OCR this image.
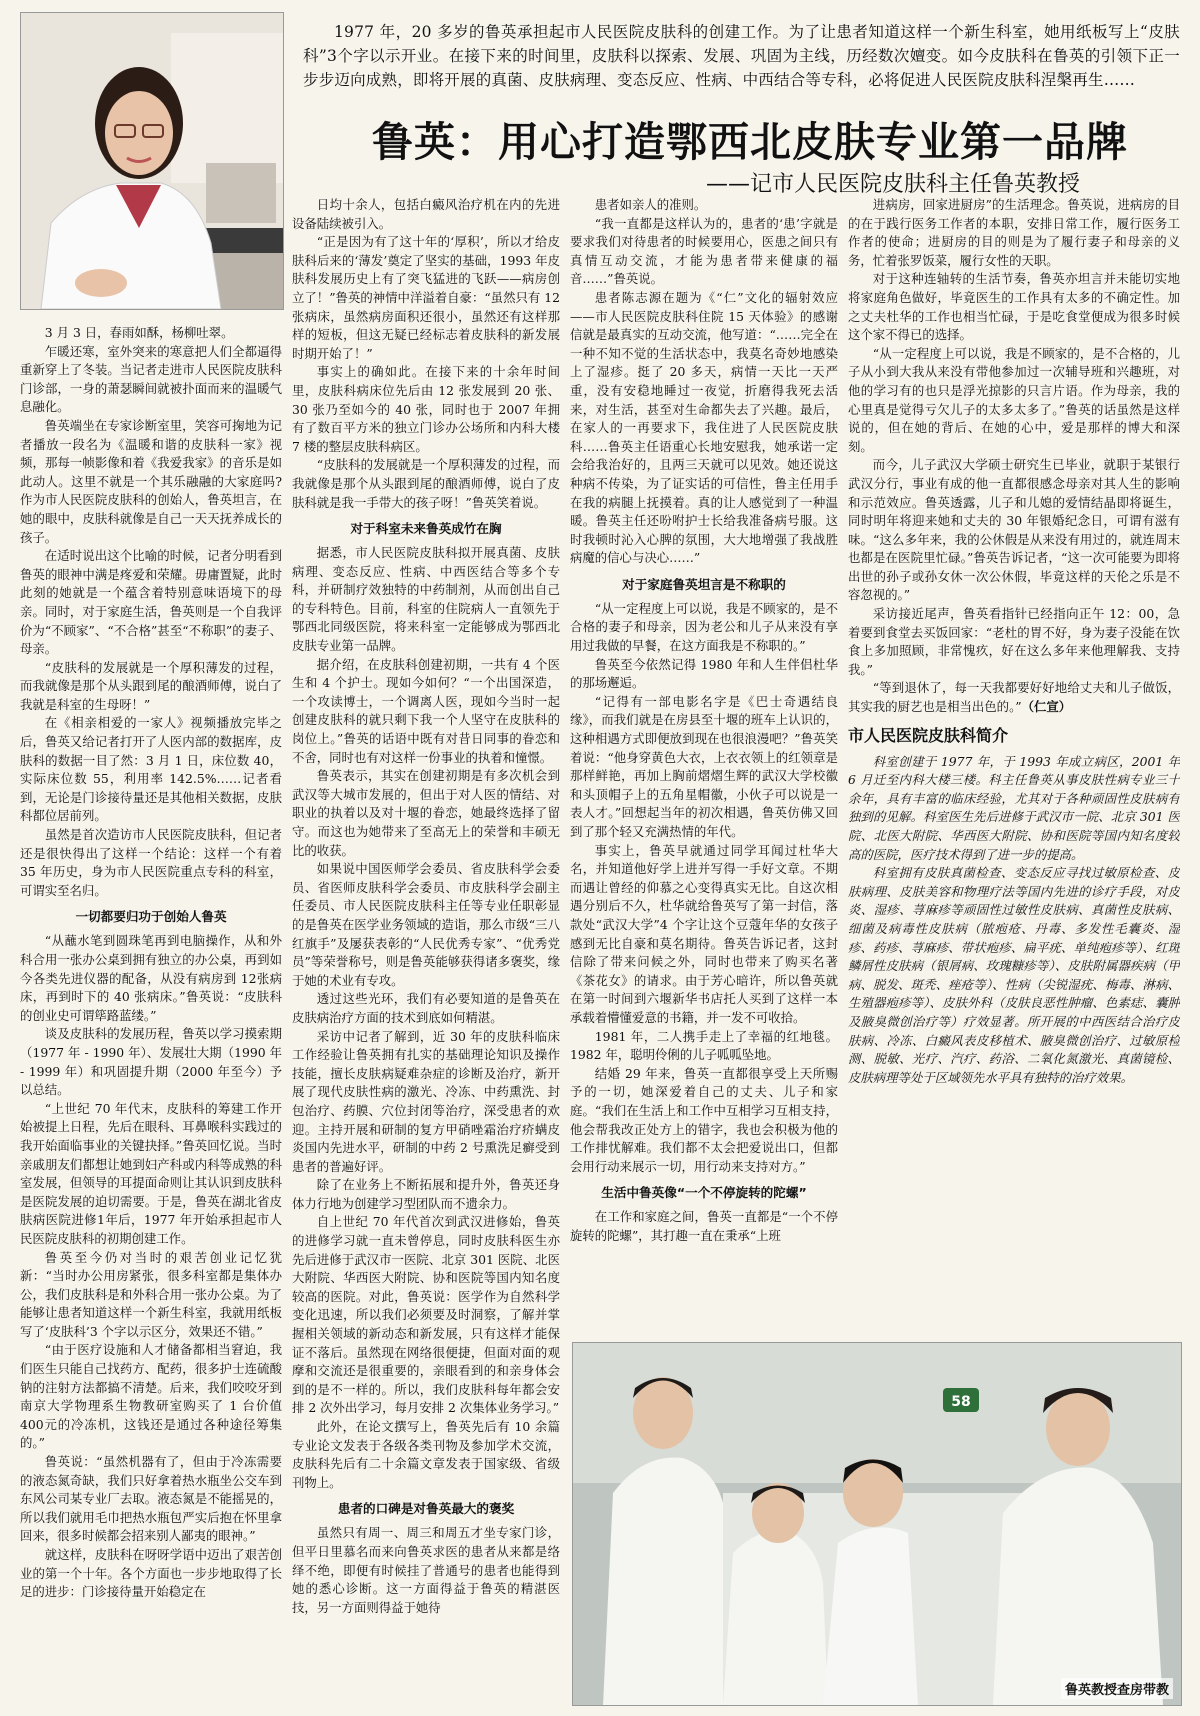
1977 年，20 多岁的鲁英承担起市人民医院皮肤科的创建工作。为了让患者知道这样一个新生科室，她用纸板写上“皮肤科”3个字以示开业。在接下来的时间里，皮肤科以探索、发展、巩固为主线，历经数次嬗变。如今皮肤科在鲁英的引领下正一步步迈向成熟，即将开展的真菌、皮肤病理、变态反应、性病、中西结合等专科，必将促进人民医院皮肤科涅槃再生……
鲁英：用心打造鄂西北皮肤专业第一品牌
——记市人民医院皮肤科主任鲁英教授

3 月 3 日，春雨如酥，杨柳吐翠。

乍暖还寒，室外突来的寒意把人们全都逼得重新穿上了冬装。当记者走进市人民医院皮肤科门诊部，一身的萧瑟瞬间就被扑面而来的温暖气息融化。

鲁英端坐在专家诊断室里，笑容可掬地为记者播放一段名为《温暖和谐的皮肤科一家》视频，那每一帧影像和着《我爱我家》的音乐是如此动人。这里不就是一个其乐融融的大家庭吗?作为市人民医院皮肤科的创始人，鲁英坦言，在她的眼中，皮肤科就像是自己一天天抚养成长的孩子。

在适时说出这个比喻的时候，记者分明看到鲁英的眼神中满是疼爱和荣耀。毋庸置疑，此时此刻的她就是一个蕴含着特别意味语境下的母亲。同时，对于家庭生活，鲁英则是一个自我评价为“不顾家”、“不合格”甚至“不称职”的妻子、母亲。

“皮肤科的发展就是一个厚积薄发的过程，而我就像是那个从头跟到尾的酿酒师傅，说白了我就是科室的生母呀！”

在《相亲相爱的一家人》视频播放完毕之后，鲁英又给记者打开了人医内部的数据库，皮肤科的数据一目了然：3 月 1 日，床位数 40，实际床位数 55，利用率 142.5%……记者看到，无论是门诊接待量还是其他相关数据，皮肤科都位居前列。

虽然是首次造访市人民医院皮肤科，但记者还是很快得出了这样一个结论：这样一个有着 35 年历史，身为市人民医院重点专科的科室，可谓实至名归。

一切都要归功于创始人鲁英

“从蘸水笔到圆珠笔再到电脑操作，从和外科合用一张办公桌到拥有独立的办公桌，再到如今各类先进仪器的配备，从没有病房到 12张病床，再到时下的 40 张病床。”鲁英说：“皮肤科的创业史可谓筚路蓝缕。”

谈及皮肤科的发展历程，鲁英以学习摸索期（1977 年 - 1990 年）、发展壮大期（1990 年 - 1999 年）和巩固提升期（2000 年至今）予以总结。

“上世纪 70 年代末，皮肤科的筹建工作开始被提上日程，先后在眼科、耳鼻喉科实践过的我开始面临事业的关键抉择。”鲁英回忆说。当时亲戚朋友们都想让她到妇产科或内科等成熟的科室发展，但领导的耳提面命则让其认识到皮肤科是医院发展的迫切需要。于是，鲁英在湖北省皮肤病医院进修1年后，1977 年开始承担起市人民医院皮肤科的初期创建工作。

鲁英至今仍对当时的艰苦创业记忆犹新：“当时办公用房紧张，很多科室都是集体办公，我们皮肤科是和外科合用一张办公桌。为了能够让患者知道这样一个新生科室，我就用纸板写了‘皮肤科’3 个字以示区分，效果还不错。”

“由于医疗设施和人才储备都相当窘迫，我们医生只能自己找药方、配药，很多护士连硫酸钠的注射方法都搞不清楚。后来，我们咬咬牙到南京大学物理系生物教研室购买了 1 台价值 400元的冷冻机，这钱还是通过各种途径筹集的。”

鲁英说：“虽然机器有了，但由于冷冻需要的液态氮奇缺，我们只好拿着热水瓶坐公交车到东风公司某专业厂去取。液态氮是不能摇晃的，所以我们就用毛巾把热水瓶包严实后抱在怀里拿回来，很多时候都会招来别人鄙夷的眼神。”

就这样，皮肤科在呀呀学语中迈出了艰苦创业的第一个十年。各个方面也一步步地取得了长足的进步：门诊接待量开始稳定在

日均十余人，包括白癜风治疗机在内的先进设备陆续被引入。

“正是因为有了这十年的‘厚积’，所以才给皮肤科后来的‘薄发’奠定了坚实的基础，1993 年皮肤科发展历史上有了突飞猛进的飞跃——病房创立了！”鲁英的神情中洋溢着自豪：“虽然只有 12 张病床，虽然病房面积还很小，虽然还有这样那样的短板，但这无疑已经标志着皮肤科的新发展时期开始了！”

事实上的确如此。在接下来的十余年时间里，皮肤科病床位先后由 12 张发展到 20 张、30 张乃至如今的 40 张，同时也于 2007 年拥有了数百平方米的独立门诊办公场所和内科大楼 7 楼的整层皮肤科病区。

“皮肤科的发展就是一个厚积薄发的过程，而我就像是那个从头跟到尾的酿酒师傅，说白了皮肤科就是我一手带大的孩子呀！”鲁英笑着说。

对于科室未来鲁英成竹在胸

据悉，市人民医院皮肤科拟开展真菌、皮肤病理、变态反应、性病、中西医结合等多个专科，并研制疗效独特的中药制剂，从而创出自己的专科特色。目前，科室的住院病人一直领先于鄂西北同级医院，将来科室一定能够成为鄂西北皮肤专业第一品牌。

据介绍，在皮肤科创建初期，一共有 4 个医生和 4 个护士。现如今如何？“一个出国深造，一个攻读博士，一个调离人医，现如今当时一起创建皮肤科的就只剩下我一个人坚守在皮肤科的岗位上。”鲁英的话语中既有对昔日同事的眷恋和不舍，同时也有对这样一份事业的执着和憧憬。

鲁英表示，其实在创建初期是有多次机会到武汉等大城市发展的，但出于对人医的情结、对职业的执着以及对十堰的眷恋，她最终选择了留守。而这也为她带来了至高无上的荣誉和丰硕无比的收获。

如果说中国医师学会委员、省皮肤科学会委员、省医师皮肤科学会委员、市皮肤科学会副主任委员、市人民医院皮肤科主任等专业任职彰显的是鲁英在医学业务领域的造诣，那么市级“三八红旗手”及屡获表彰的“人民优秀专家”、“优秀党员”等荣誉称号，则是鲁英能够获得诸多褒奖，缘于她的术业有专攻。

透过这些光环，我们有必要知道的是鲁英在皮肤病治疗方面的技术到底如何精湛。

采访中记者了解到，近 30 年的皮肤科临床工作经验让鲁英拥有扎实的基础理论知识及操作技能，擅长皮肤病疑难杂症的诊断及治疗，新开展了现代皮肤性病的激光、冷冻、中药熏洗、封包治疗、药膜、穴位封闭等治疗，深受患者的欢迎。主持开展和研制的复方甲硝唑霜治疗疥螨皮炎国内先进水平，研制的中药 2 号熏洗足癣受到患者的普遍好评。

除了在业务上不断拓展和提升外，鲁英还身体力行地为创建学习型团队而不遗余力。

自上世纪 70 年代首次到武汉进修始，鲁英的进修学习就一直未曾停息，同时皮肤科医生亦先后进修于武汉市一医院、北京 301 医院、北医大附院、华西医大附院、协和医院等国内知名度较高的医院。对此，鲁英说：医学作为自然科学变化迅速，所以我们必须要及时洞察，了解并掌握相关领域的新动态和新发展，只有这样才能保证不落后。虽然现在网络很便捷，但面对面的观摩和交流还是很重要的，亲眼看到的和亲身体会到的是不一样的。所以，我们皮肤科每年都会安排 2 次外出学习，每月安排 2 次集体业务学习。”

此外，在论文撰写上，鲁英先后有 10 余篇专业论文发表于各级各类刊物及参加学术交流，皮肤科先后有二十余篇文章发表于国家级、省级刊物上。

患者的口碑是对鲁英最大的褒奖

虽然只有周一、周三和周五才坐专家门诊，但平日里慕名而来向鲁英求医的患者从来都是络绎不绝，即便有时候挂了普通号的患者也能得到她的悉心诊断。这一方面得益于鲁英的精湛医技，另一方面则得益于她待

患者如亲人的准则。

“我一直都是这样认为的，患者的‘患’字就是要求我们对待患者的时候要用心，医患之间只有真情互动交流，才能为患者带来健康的福音……”鲁英说。

患者陈志源在题为《“仁”文化的辐射效应——市人民医院皮肤科住院 15 天体验》的感谢信就是最真实的互动交流，他写道：“……完全在一种不知不觉的生活状态中，我莫名奇妙地感染上了湿疹。挺了 20 多天，病情一天比一天严重，没有安稳地睡过一夜觉，折磨得我死去活来，对生活，甚至对生命都失去了兴趣。最后，在家人的一再要求下，我住进了人民医院皮肤科……鲁英主任语重心长地安慰我，她承诺一定会给我治好的，且两三天就可以见效。她还说这种病不传染，为了证实话的可信性，鲁主任用手在我的病腿上抚摸着。真的让人感觉到了一种温暖。鲁英主任还吩咐护士长给我准备病号服。这时我顿时沁入心脾的氛围，大大地增强了我战胜病魔的信心与决心……”

对于家庭鲁英坦言是不称职的

“从一定程度上可以说，我是不顾家的，是不合格的妻子和母亲，因为老公和儿子从来没有享用过我做的早餐，在这方面我是不称职的。”

鲁英至今依然记得 1980 年和人生伴侣杜华的那场邂逅。

“记得有一部电影名字是《巴士奇遇结良缘》，而我们就是在房县至十堰的班车上认识的，这种相遇方式即便放到现在也很浪漫吧？”鲁英笑着说：“他身穿黄色大衣，上衣衣领上的红领章是那样鲜艳，再加上胸前熠熠生辉的武汉大学校徽和头顶帽子上的五角星帽徽，小伙子可以说是一表人才。”回想起当年的初次相遇，鲁英仿佛又回到了那个轻又充满热情的年代。

事实上，鲁英早就通过同学耳闻过杜华大名，并知道他好学上进并写得一手好文章。不期而遇让曾经的仰慕之心变得真实无比。自这次相遇分别后不久，杜华就给鲁英写了第一封信，落款处“武汉大学”4 个字让这个豆蔻年华的女孩子感到无比自豪和莫名期待。鲁英告诉记者，这封信除了带来问候之外，同时也带来了购买名著《茶花女》的请求。由于芳心暗许，所以鲁英就在第一时间到六堰新华书店托人买到了这样一本承载着懵懂爱意的书籍，并一发不可收拾。

1981 年，二人携手走上了幸福的红地毯。1982 年，聪明伶俐的儿子呱呱坠地。

结婚 29 年来，鲁英一直都很享受上天所赐予的一切，她深爱着自己的丈夫、儿子和家庭。“我们在生活上和工作中互相学习互相支持，他会帮我改正处方上的错字，我也会积极为他的工作排忧解难。我们都不太会把爱说出口，但都会用行动来展示一切，用行动来支持对方。”

生活中鲁英像“一个不停旋转的陀螺”

在工作和家庭之间，鲁英一直都是“一个不停旋转的陀螺”，其打趣一直在秉承“上班

进病房，回家进厨房”的生活理念。鲁英说，进病房的目的在于践行医务工作者的本职，安排日常工作，履行医务工作者的使命；进厨房的目的则是为了履行妻子和母亲的义务，忙着张罗饭菜，履行女性的天职。

对于这种连轴转的生活节奏，鲁英亦坦言并未能切实地将家庭角色做好，毕竟医生的工作具有太多的不确定性。加之丈夫杜华的工作也相当忙碌，于是吃食堂便成为很多时候这个家不得已的选择。

“从一定程度上可以说，我是不顾家的，是不合格的，儿子从小到大我从来没有带他参加过一次辅导班和兴趣班，对他的学习有的也只是浮光掠影的只言片语。作为母亲，我的心里真是觉得亏欠儿子的太多太多了。”鲁英的话虽然是这样说的，但在她的背后、在她的心中，爱是那样的博大和深刻。

而今，儿子武汉大学硕士研究生已毕业，就职于某银行武汉分行，事业有成的他一直都很感念母亲对其人生的影响和示范效应。鲁英透露，儿子和儿媳的爱情结晶即将诞生，同时明年将迎来她和丈夫的 30 年银婚纪念日，可谓有滋有味。“这么多年来，我的公休假是从来没有用过的，就连周末也都是在医院里忙碌。”鲁英告诉记者，“这一次可能要为即将出世的孙子或孙女休一次公休假，毕竟这样的天伦之乐是不容忽视的。”

采访接近尾声，鲁英看指针已经指向正午 12：00，急着要到食堂去买饭回家：“老杜的胃不好，身为妻子没能在饮食上多加照顾，非常愧疚，好在这么多年来他理解我、支持我。”

“等到退休了，每一天我都要好好地给丈夫和儿子做饭，其实我的厨艺也是相当出色的。”（仁宣）

市人民医院皮肤科简介

科室创建于 1977 年，于 1993 年成立病区，2001 年 6 月迁至内科大楼三楼。科主任鲁英从事皮肤性病专业三十余年，具有丰富的临床经验，尤其对于各种顽固性皮肤病有独到的见解。科室医生先后进修于武汉市一院、北京 301 医院、北医大附院、华西医大附院、协和医院等国内知名度较高的医院，医疗技术得到了进一步的提高。

科室拥有皮肤真菌检查、变态反应寻找过敏原检查、皮肤病理、皮肤美容和物理疗法等国内先进的诊疗手段，对皮炎、湿疹、荨麻疹等顽固性过敏性皮肤病、真菌性皮肤病、细菌及病毒性皮肤病（脓疱疮、丹毒、多发性毛囊炎、湿疹、药疹、荨麻疹、带状疱疹、扁平疣、单纯疱疹等）、红斑鳞屑性皮肤病（银屑病、玫瑰糠疹等）、皮肤附属器疾病（甲病、脱发、斑秃、痤疮等）、性病（尖锐湿疣、梅毒、淋病、生殖器疱疹等）、皮肤外科（皮肤良恶性肿瘤、色素痣、囊肿及腋臭微创治疗等）疗效显著。所开展的中西医结合治疗皮肤病、冷冻、白癜风表皮移植术、腋臭微创治疗、过敏原检测、脱敏、光疗、汽疗、药浴、二氧化氮激光、真菌镜检、皮肤病理等处于区域领先水平具有独特的治疗效果。

58
鲁英教授查房带教
